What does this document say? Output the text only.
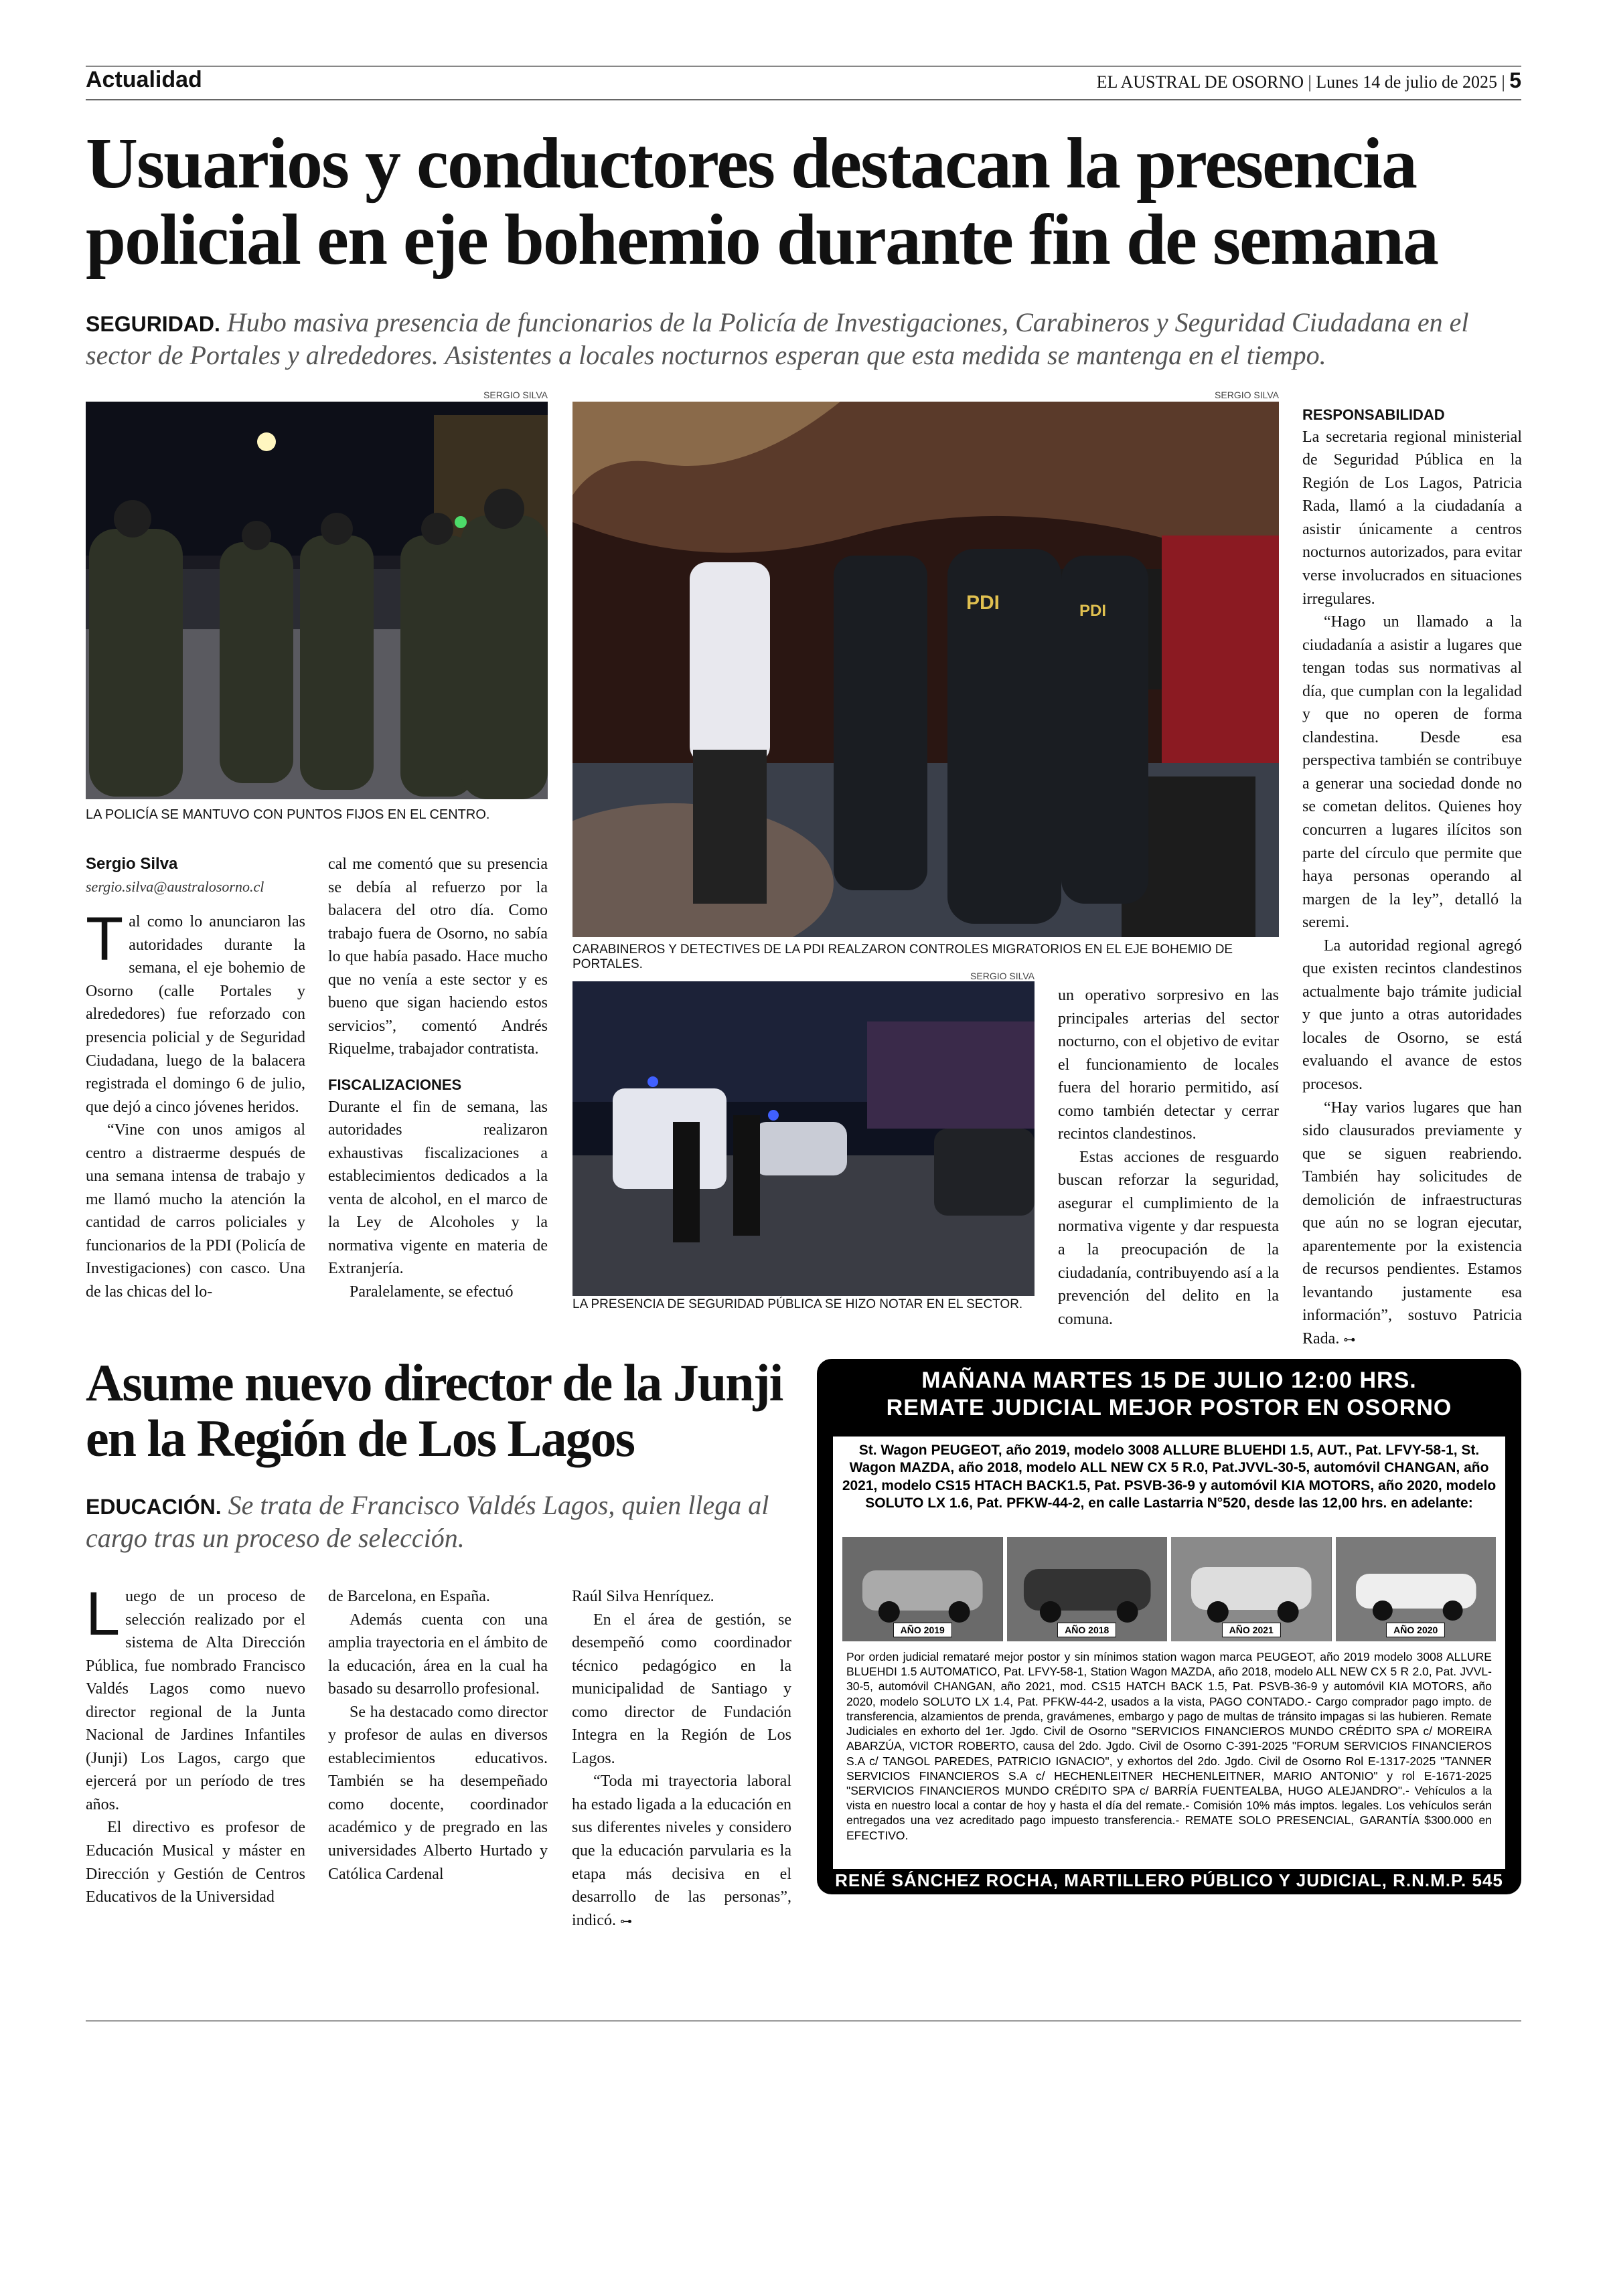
Actualidad	EL AUSTRAL DE OSORNO | Lunes 14 de julio de 2025 | 5
Usuarios y conductores destacan la presencia policial en eje bohemio durante fin de semana
SEGURIDAD. Hubo masiva presencia de funcionarios de la Policía de Investigaciones, Carabineros y Seguridad Ciudadana en el sector de Portales y alrededores. Asistentes a locales nocturnos esperan que esta medida se mantenga en el tiempo.
SERGIO SILVA
LA POLICÍA SE MANTUVO CON PUNTOS FIJOS EN EL CENTRO.
SERGIO SILVA
PDI	PDI
CARABINEROS Y DETECTIVES DE LA PDI REALZARON CONTROLES MIGRATORIOS EN EL EJE BOHEMIO DE PORTALES.
SERGIO SILVA
LA PRESENCIA DE SEGURIDAD PÚBLICA SE HIZO NOTAR EN EL SECTOR.

Sergio Silva

sergio.silva@australosorno.cl

Tal como lo anunciaron las autoridades durante la semana, el eje bohemio de Osorno (calle Portales y alrededores) fue reforzado con presencia policial y de Seguridad Ciudadana, luego de la balacera registrada el domingo 6 de julio, que dejó a cinco jóvenes heridos.

“Vine con unos amigos al centro a distraerme después de una semana intensa de trabajo y me llamó mucho la atención la cantidad de carros policiales y funcionarios de la PDI (Policía de Investigaciones) con casco. Una de las chicas del lo-

cal me comentó que su presencia se debía al refuerzo por la balacera del otro día. Como trabajo fuera de Osorno, no sabía lo que había pasado. Hace mucho que no venía a este sector y es bueno que sigan haciendo estos servicios”, comentó Andrés Riquelme, trabajador contratista.

FISCALIZACIONES

Durante el fin de semana, las autoridades realizaron exhaustivas fiscalizaciones a establecimientos dedicados a la venta de alcohol, en el marco de la Ley de Alcoholes y la normativa vigente en materia de Extranjería.

Paralelamente, se efectuó

un operativo sorpresivo en las principales arterias del sector nocturno, con el objetivo de evitar el funcionamiento de locales fuera del horario permitido, así como también detectar y cerrar recintos clandestinos.

Estas acciones de resguardo buscan reforzar la seguridad, asegurar el cumplimiento de la normativa vigente y dar respuesta a la preocupación de la ciudadanía, contribuyendo así a la prevención del delito en la comuna.

RESPONSABILIDAD

La secretaria regional ministerial de Seguridad Pública en la Región de Los Lagos, Patricia Rada, llamó a la ciudadanía a asistir únicamente a centros nocturnos autorizados, para evitar verse involucrados en situaciones irregulares.

“Hago un llamado a la ciudadanía a asistir a lugares que tengan todas sus normativas al día, que cumplan con la legalidad y que no operen de forma clandestina. Desde esa perspectiva también se contribuye a generar una sociedad donde no se cometan delitos. Quienes hoy concurren a lugares ilícitos son parte del círculo que permite que haya personas operando al margen de la ley”, detalló la seremi.

La autoridad regional agregó que existen recintos clandestinos actualmente bajo trámite judicial y que junto a otras autoridades locales de Osorno, se está evaluando el avance de estos procesos.

“Hay varios lugares que han sido clausurados previamente y que se siguen reabriendo. También hay solicitudes de demolición de infraestructuras que aún no se logran ejecutar, aparentemente por la existencia de recursos pendientes. Estamos levantando justamente esa información”, sostuvo Patricia Rada. ⊶

Asume nuevo director de la Junji en la Región de Los Lagos
EDUCACIÓN. Se trata de Francisco Valdés Lagos, quien llega al cargo tras un proceso de selección.

Luego de un proceso de selección realizado por el sistema de Alta Dirección Pública, fue nombrado Francisco Valdés Lagos como nuevo director regional de la Junta Nacional de Jardines Infantiles (Junji) Los Lagos, cargo que ejercerá por un período de tres años.

El directivo es profesor de Educación Musical y máster en Dirección y Gestión de Centros Educativos de la Universidad

de Barcelona, en España.

Además cuenta con una amplia trayectoria en el ámbito de la educación, área en la cual ha basado su desarrollo profesional.

Se ha destacado como director y profesor de aulas en diversos establecimientos educativos. También se ha desempeñado como docente, coordinador académico y de pregrado en las universidades Alberto Hurtado y Católica Cardenal

Raúl Silva Henríquez.

En el área de gestión, se desempeñó como coordinador técnico pedagógico en la municipalidad de Santiago y como director de Fundación Integra en la Región de Los Lagos.

“Toda mi trayectoria laboral ha estado ligada a la educación en sus diferentes niveles y considero que la educación parvularia es la etapa más decisiva en el desarrollo de las personas”, indicó. ⊶

MAÑANA MARTES 15 DE JULIO 12:00 HRS.
REMATE JUDICIAL MEJOR POSTOR EN OSORNO
St. Wagon PEUGEOT, año 2019, modelo 3008 ALLURE BLUEHDI 1.5, AUT., Pat. LFVY-58-1, St. Wagon MAZDA, año 2018, modelo ALL NEW CX 5 R.0, Pat.JVVL-30-5, automóvil CHANGAN, año 2021, modelo CS15 HTACH BACK1.5, Pat. PSVB-36-9 y automóvil KIA MOTORS, año 2020, modelo SOLUTO LX 1.6, Pat. PFKW-44-2, en calle Lastarria N°520, desde las 12,00 hrs. en adelante:
AÑO 2019	AÑO 2018	AÑO 2021	AÑO 2020
Por orden judicial remataré mejor postor y sin mínimos station wagon marca PEUGEOT, año 2019 modelo 3008 ALLURE BLUEHDI 1.5 AUTOMATICO, Pat. LFVY-58-1, Station Wagon MAZDA, año 2018, modelo ALL NEW CX 5 R 2.0, Pat. JVVL-30-5, automóvil CHANGAN, año 2021, mod. CS15 HATCH BACK 1.5, Pat. PSVB-36-9 y automóvil KIA MOTORS, año 2020, modelo SOLUTO LX 1.4, Pat. PFKW-44-2, usados a la vista, PAGO CONTADO.- Cargo comprador pago impto. de transferencia, alzamientos de prenda, gravámenes, embargo y pago de multas de tránsito impagas si las hubieren. Remate Judiciales en exhorto del 1er. Jgdo. Civil de Osorno "SERVICIOS FINANCIEROS MUNDO CRÉDITO SPA c/ MOREIRA ABARZÚA, VICTOR ROBERTO, causa del 2do. Jgdo. Civil de Osorno C-391-2025 "FORUM SERVICIOS FINANCIEROS S.A c/ TANGOL PAREDES, PATRICIO IGNACIO", y exhortos del 2do. Jgdo. Civil de Osorno Rol E-1317-2025 "TANNER SERVICIOS FINANCIEROS S.A c/ HECHENLEITNER HECHENLEITNER, MARIO ANTONIO" y rol E-1671-2025 "SERVICIOS FINANCIEROS MUNDO CRÉDITO SPA c/ BARRÍA FUENTEALBA, HUGO ALEJANDRO".- Vehículos a la vista en nuestro local a contar de hoy y hasta el día del remate.- Comisión 10% más imptos. legales. Los vehículos serán entregados una vez acreditado pago impuesto transferencia.- REMATE SOLO PRESENCIAL, GARANTÍA $300.000 en EFECTIVO.
RENÉ SÁNCHEZ ROCHA, MARTILLERO PÚBLICO Y JUDICIAL, R.N.M.P. 545
LASTARRIA N°520, FONOS: 642234715 - 944268728, OSORNO
